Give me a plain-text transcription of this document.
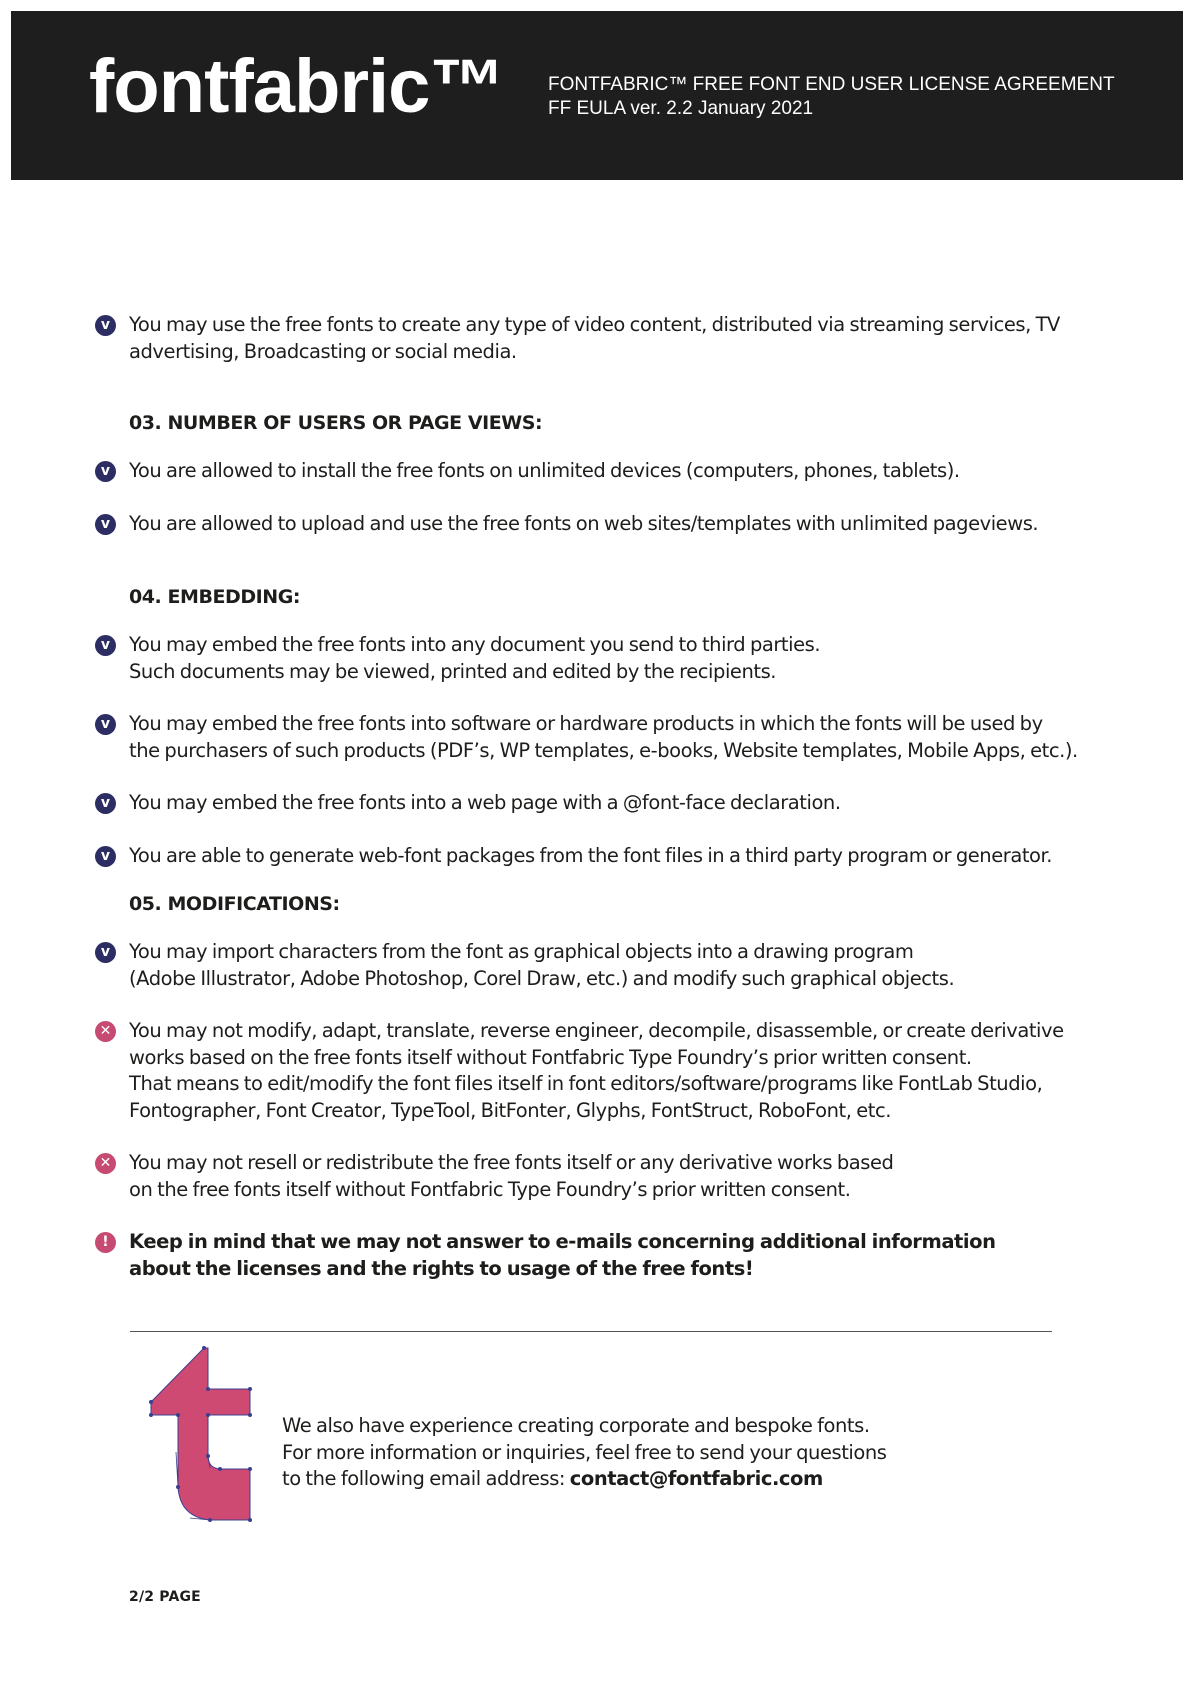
fontfabric™ FONTFABRIC™ FREE FONT END USER LICENSE AGREEMENT
FF EULA ver. 2.2 January 2021
v You may use the free fonts to create any type of video content, distributed via streaming services, TV
advertising, Broadcasting or social media.
03. NUMBER OF USERS OR PAGE VIEWS:
v You are allowed to install the free fonts on unlimited devices (computers, phones, tablets).
v You are allowed to upload and use the free fonts on web sites/templates with unlimited pageviews.
04. EMBEDDING:
v You may embed the free fonts into any document you send to third parties.
Such documents may be viewed, printed and edited by the recipients.
v You may embed the free fonts into software or hardware products in which the fonts will be used by
the purchasers of such products (PDF’s, WP templates, e-books, Website templates, Mobile Apps, etc.).
v You may embed the free fonts into a web page with a @font-face declaration.
v You are able to generate web-font packages from the font files in a third party program or generator.
05. MODIFICATIONS:
v You may import characters from the font as graphical objects into a drawing program
(Adobe Illustrator, Adobe Photoshop, Corel Draw, etc.) and modify such graphical objects.
✕ You may not modify, adapt, translate, reverse engineer, decompile, disassemble, or create derivative
works based on the free fonts itself without Fontfabric Type Foundry’s prior written consent.
That means to edit/modify the font files itself in font editors/software/programs like FontLab Studio,
Fontographer, Font Creator, TypeTool, BitFonter, Glyphs, FontStruct, RoboFont, etc.
✕ You may not resell or redistribute the free fonts itself or any derivative works based
on the free fonts itself without Fontfabric Type Foundry’s prior written consent.
!	Keep in mind that we may not answer to e-mails concerning additional information
about the licenses and the rights to usage of the free fonts!
We also have experience creating corporate and bespoke fonts.
For more information or inquiries, feel free to send your questions
to the following email address: contact@fontfabric.com
2/2 PAGE
